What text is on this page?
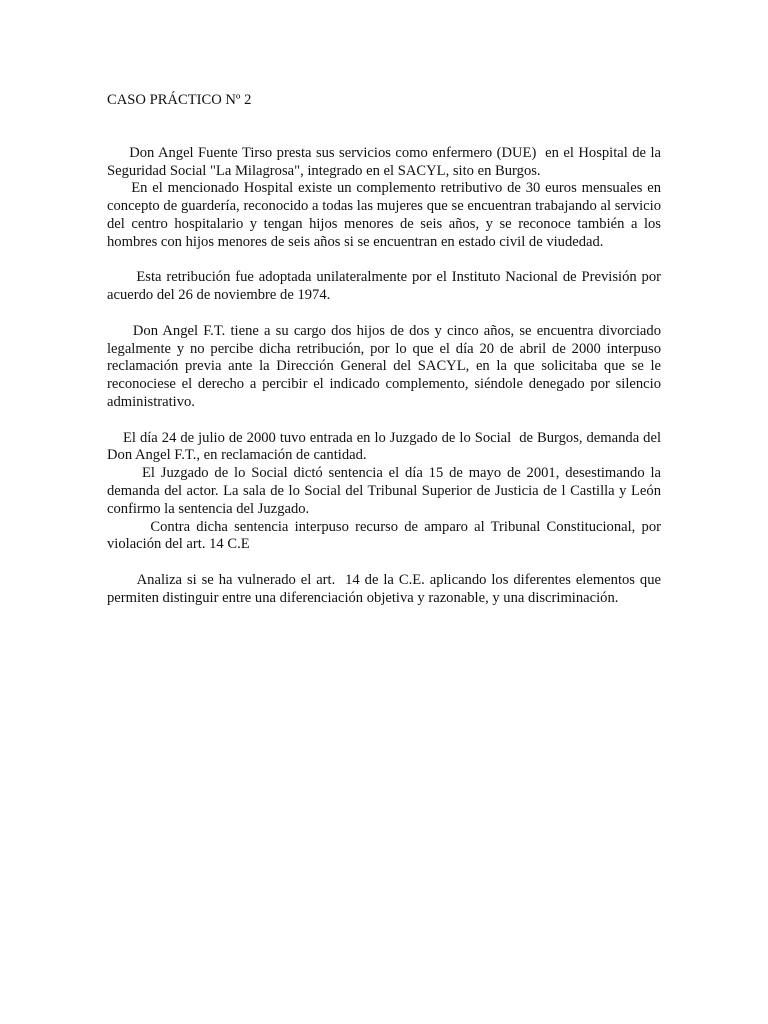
CASO PRÁCTICO Nº 2

Don Angel Fuente Tirso presta sus servicios como enfermero (DUE)  en el Hospital de la Seguridad Social "La Milagrosa", integrado en el SACYL, sito en Burgos.

En el mencionado Hospital existe un complemento retributivo de 30 euros mensuales en concepto de guardería, reconocido a todas las mujeres que se encuentran trabajando al servicio del centro hospitalario y tengan hijos menores de seis años, y se reconoce también a los hombres con hijos menores de seis años si se encuentran en estado civil de viudedad.

Esta retribución fue adoptada unilateralmente por el Instituto Nacional de Previsión por acuerdo del 26 de noviembre de 1974.

Don Angel F.T. tiene a su cargo dos hijos de dos y cinco años, se encuentra divorciado legalmente y no percibe dicha retribución, por lo que el día 20 de abril de 2000 interpuso reclamación previa ante la Dirección General del SACYL, en la que solicitaba que se le reconociese el derecho a percibir el indicado complemento, siéndole denegado por silencio administrativo.

El día 24 de julio de 2000 tuvo entrada en lo Juzgado de lo Social  de Burgos, demanda del Don Angel F.T., en reclamación de cantidad.

El Juzgado de lo Social dictó sentencia el día 15 de mayo de 2001, desestimando la demanda del actor. La sala de lo Social del Tribunal Superior de Justicia de l Castilla y León confirmo la sentencia del Juzgado.

Contra dicha sentencia interpuso recurso de amparo al Tribunal Constitucional, por violación del art. 14 C.E

Analiza si se ha vulnerado el art.  14 de la C.E. aplicando los diferentes elementos que permiten distinguir entre una diferenciación objetiva y razonable, y una discriminación.
